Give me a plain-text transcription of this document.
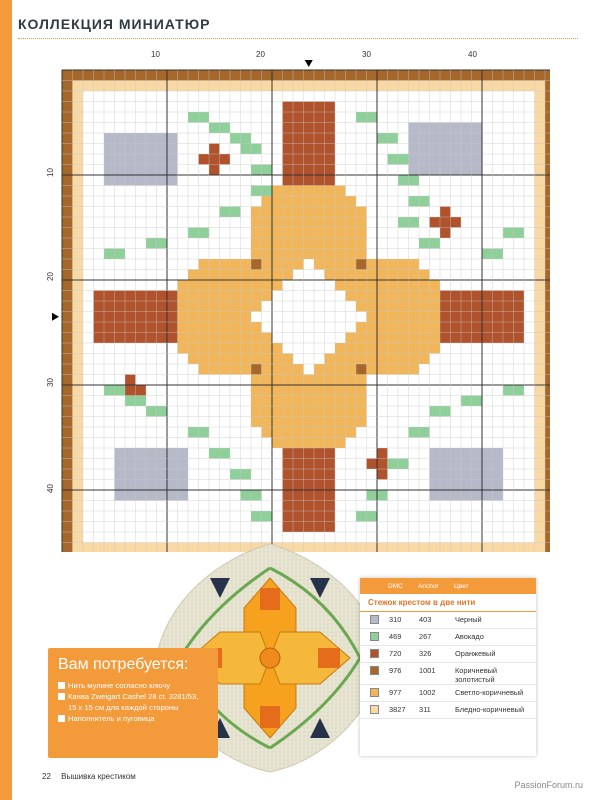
КОЛЛЕКЦИЯ МИНИАТЮР
10	20	30	40
10
20
30
40
Вам потребуется:
Нить мулине согласно ключу
Канва Zweigart Cashel 28 ct. 3281/53, 15 x 15 см для каждой стороны
Наполнитель и пуговица
DMC	Anchor	Цвет
Стежок крестом в две нити
310	403	Черный
469	267	Авокадо
720	326	Оранжевый
976	1001	Коричневый золотистый
977	1002	Светло-коричневый
3827	311	Бледно-коричневый
22 Вышивка крестиком
PassionForum.ru
